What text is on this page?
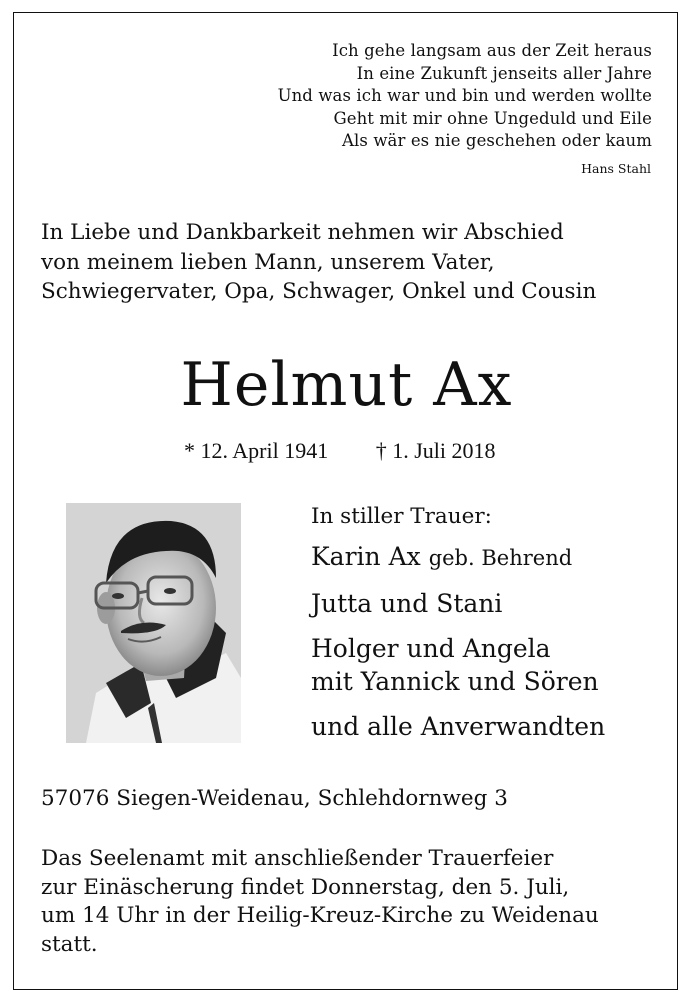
Ich gehe langsam aus der Zeit heraus
In eine Zukunft jenseits aller Jahre
Und was ich war und bin und werden wollte
Geht mit mir ohne Ungeduld und Eile
Als wär es nie geschehen oder kaum
Hans Stahl
In Liebe und Dankbarkeit nehmen wir Abschied
von meinem lieben Mann, unserem Vater,
Schwiegervater, Opa, Schwager, Onkel und Cousin
Helmut Ax
* 12. April 1941 † 1. Juli 2018
In stiller Trauer:
Karin Ax geb. Behrend
Jutta und Stani
Holger und Angela
mit Yannick und Sören
und alle Anverwandten
57076 Siegen-Weidenau, Schlehdornweg 3
Das Seelenamt mit anschließender Trauerfeier
zur Einäscherung findet Donnerstag, den 5. Juli,
um 14 Uhr in der Heilig-Kreuz-Kirche zu Weidenau
statt.
